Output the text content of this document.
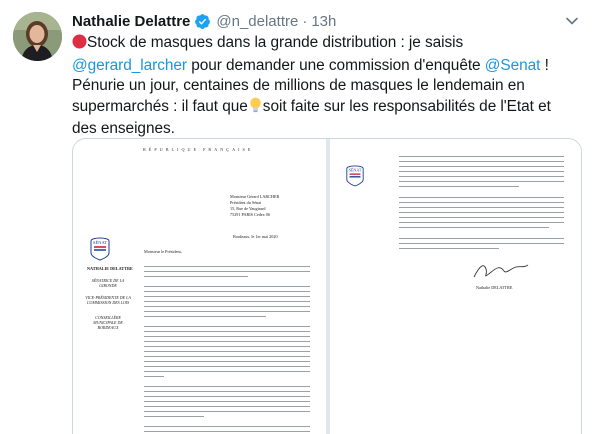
Nathalie Delattre @n_delattre · 13h
Stock de masques dans la grande distribution : je saisis
@gerard_larcher pour demander une commission d'enquête @Senat !
Pénurie un jour, centaines de millions de masques le lendemain en
supermarchés : il faut que soit faite sur les responsabilités de l'Etat et
des enseignes.
RÉPUBLIQUE FRANÇAISE
SÉNAT
NATHALIE DELATTRE
SÉNATRICE DE LA GIRONDE
VICE-PRÉSIDENTE DE LA COMMISSION DES LOIS
CONSEILLÈRE MUNICIPALE DE BORDEAUX
Monsieur Gérard LARCHER
Président du Sénat
15, Rue de Vaugirard
75291 PARIS Cedex 06
Bordeaux, le 1er mai 2020
Monsieur le Président,
SÉNAT
Nathalie DELATTRE
